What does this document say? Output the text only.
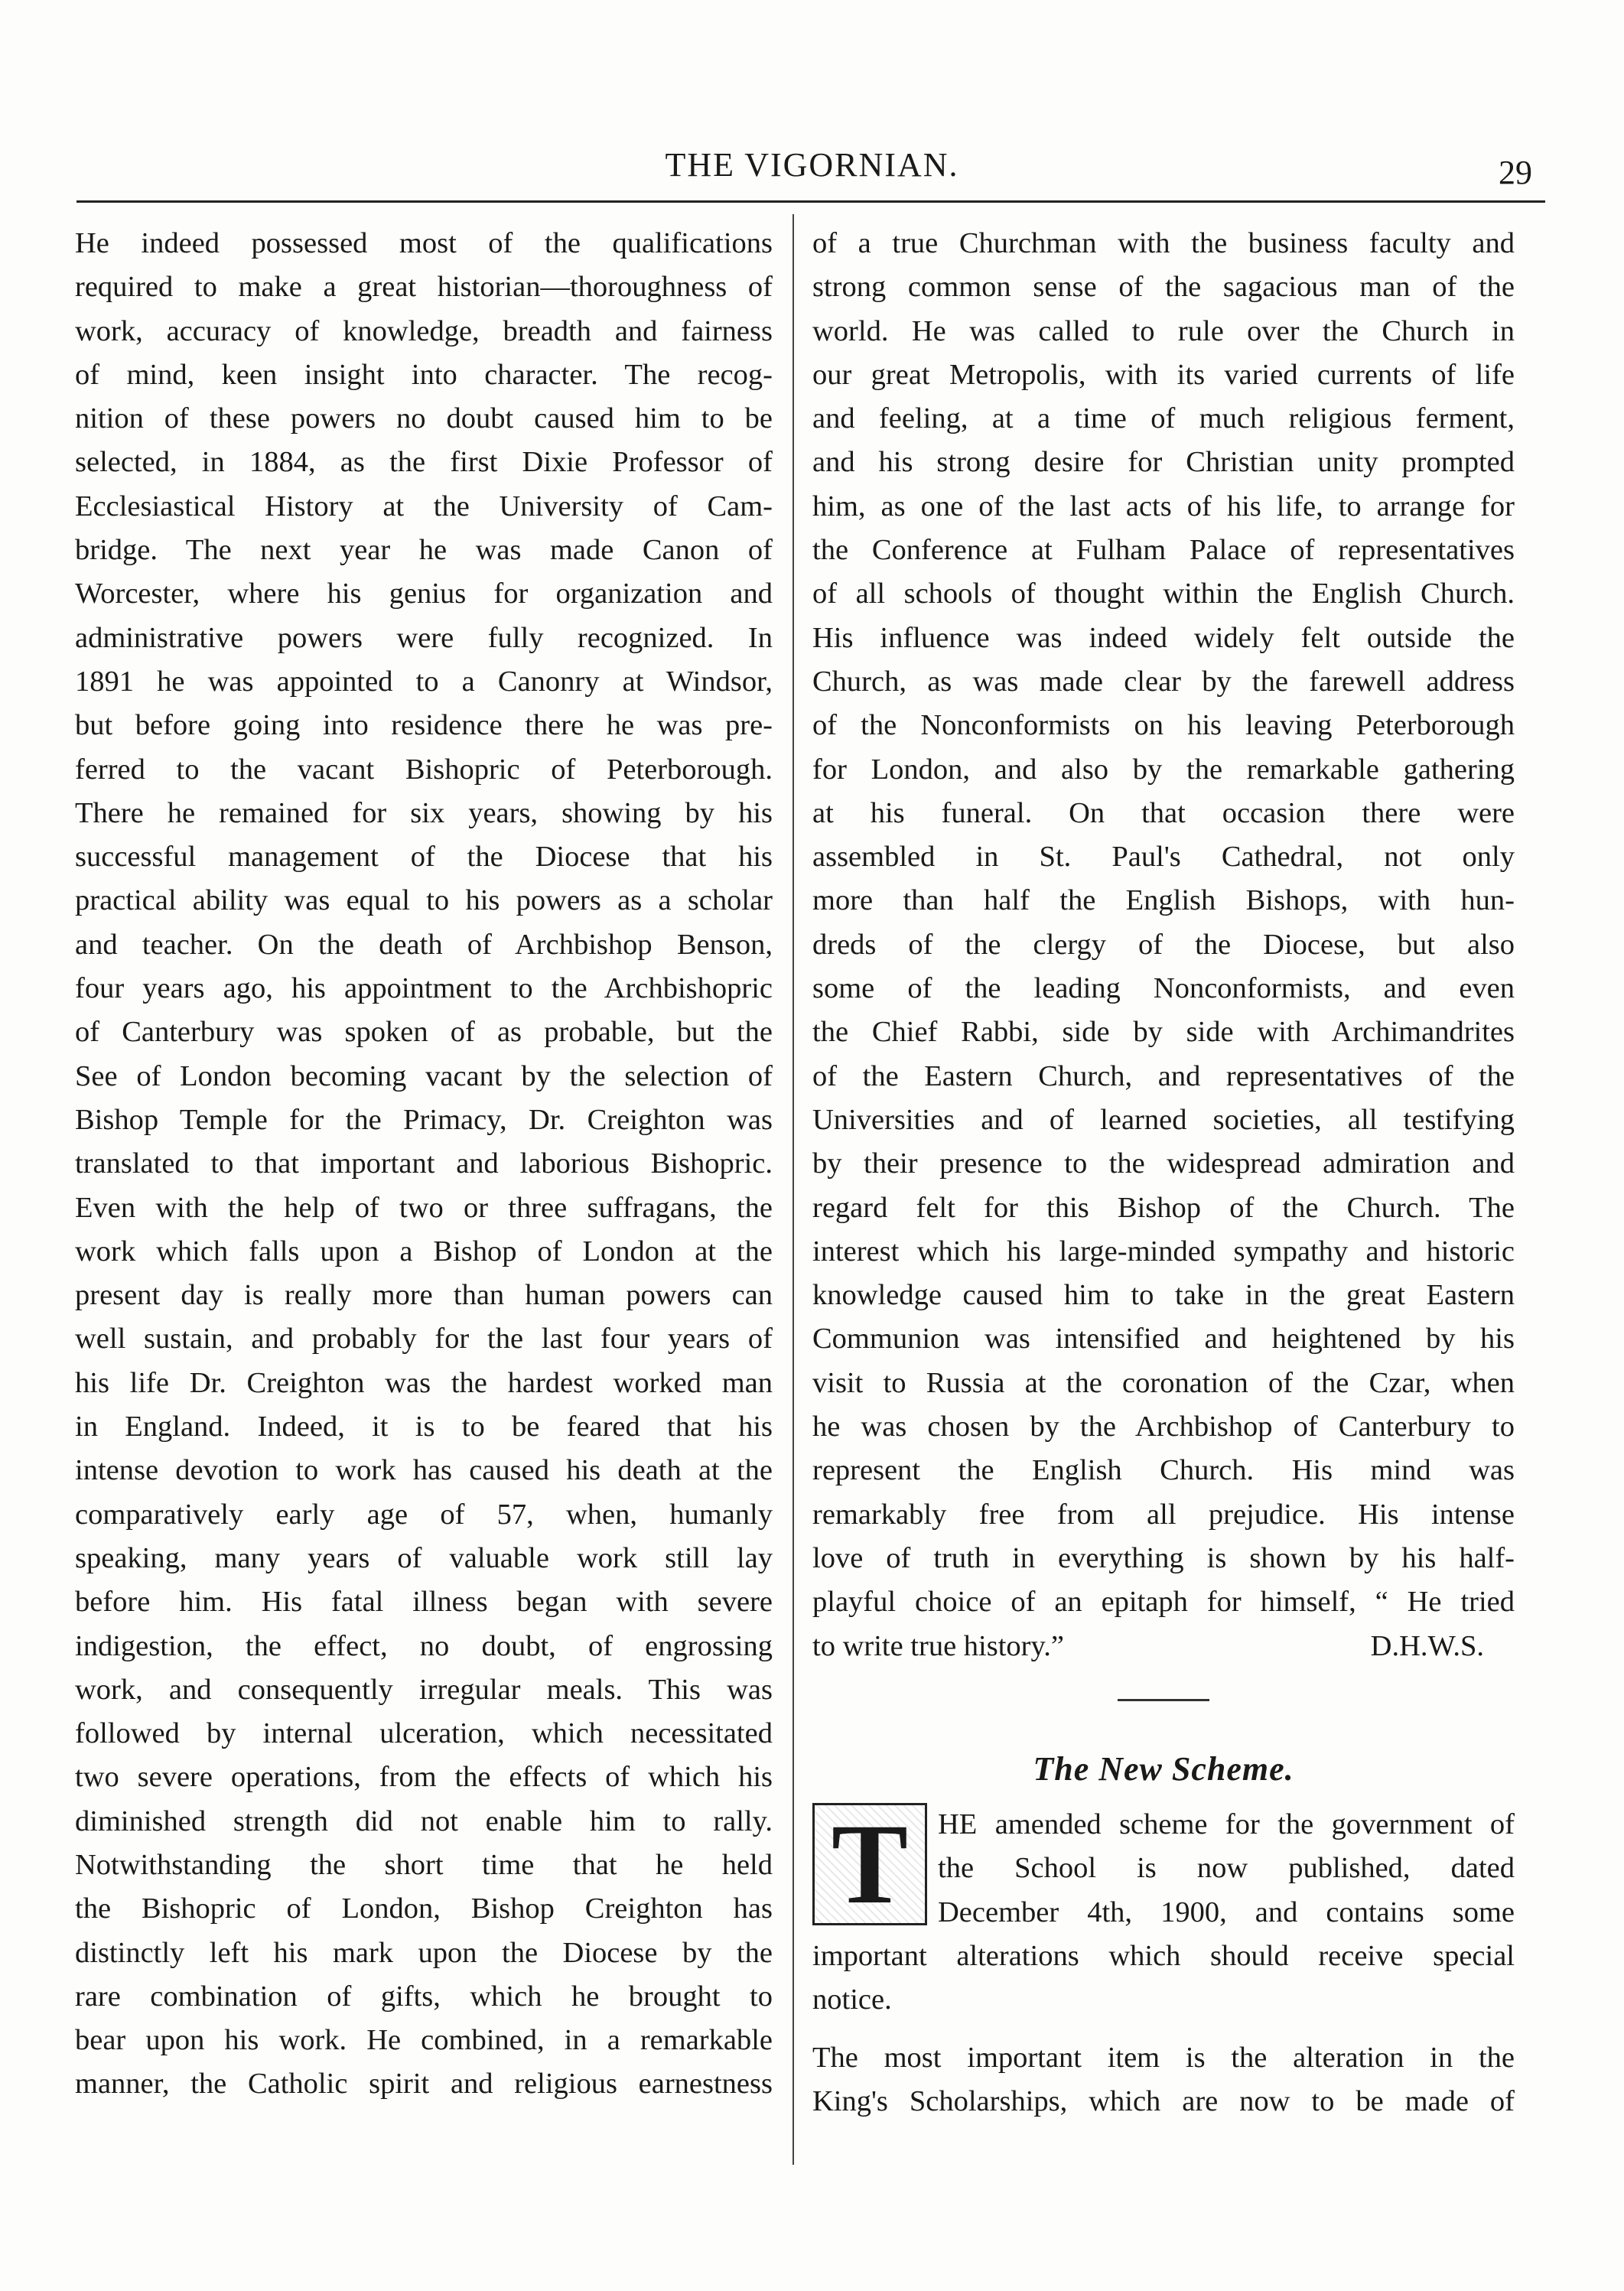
THE VIGORNIAN.	29
He indeed possessed most of the qualifications
required to make a great historian—thoroughness of
work, accuracy of knowledge, breadth and fairness
of mind, keen insight into character. The recog-
nition of these powers no doubt caused him to be
selected, in 1884, as the first Dixie Professor of
Ecclesiastical History at the University of Cam-
bridge. The next year he was made Canon of
Worcester, where his genius for organization and
administrative powers were fully recognized. In
1891 he was appointed to a Canonry at Windsor,
but before going into residence there he was pre-
ferred to the vacant Bishopric of Peterborough.
There he remained for six years, showing by his
successful management of the Diocese that his
practical ability was equal to his powers as a scholar
and teacher. On the death of Archbishop Benson,
four years ago, his appointment to the Archbishopric
of Canterbury was spoken of as probable, but the
See of London becoming vacant by the selection of
Bishop Temple for the Primacy, Dr. Creighton was
translated to that important and laborious Bishopric.
Even with the help of two or three suffragans, the
work which falls upon a Bishop of London at the
present day is really more than human powers can
well sustain, and probably for the last four years of
his life Dr. Creighton was the hardest worked man
in England. Indeed, it is to be feared that his
intense devotion to work has caused his death at the
comparatively early age of 57, when, humanly
speaking, many years of valuable work still lay
before him. His fatal illness began with severe
indigestion, the effect, no doubt, of engrossing
work, and consequently irregular meals. This was
followed by internal ulceration, which necessitated
two severe operations, from the effects of which his
diminished strength did not enable him to rally.
Notwithstanding the short time that he held
the Bishopric of London, Bishop Creighton has
distinctly left his mark upon the Diocese by the
rare combination of gifts, which he brought to
bear upon his work. He combined, in a remarkable
manner, the Catholic spirit and religious earnestness
of a true Churchman with the business faculty and
strong common sense of the sagacious man of the
world. He was called to rule over the Church in
our great Metropolis, with its varied currents of life
and feeling, at a time of much religious ferment,
and his strong desire for Christian unity prompted
him, as one of the last acts of his life, to arrange for
the Conference at Fulham Palace of representatives
of all schools of thought within the English Church.
His influence was indeed widely felt outside the
Church, as was made clear by the farewell address
of the Nonconformists on his leaving Peterborough
for London, and also by the remarkable gathering
at his funeral. On that occasion there were
assembled in St. Paul's Cathedral, not only
more than half the English Bishops, with hun-
dreds of the clergy of the Diocese, but also
some of the leading Nonconformists, and even
the Chief Rabbi, side by side with Archimandrites
of the Eastern Church, and representatives of the
Universities and of learned societies, all testifying
by their presence to the widespread admiration and
regard felt for this Bishop of the Church. The
interest which his large-minded sympathy and historic
knowledge caused him to take in the great Eastern
Communion was intensified and heightened by his
visit to Russia at the coronation of the Czar, when
he was chosen by the Archbishop of Canterbury to
represent the English Church. His mind was
remarkably free from all prejudice. His intense
love of truth in everything is shown by his half-
playful choice of an epitaph for himself, “ He tried
to write true history.”	D.H.W.S.
The New Scheme.
T HE amended scheme for the government of
the School is now published, dated
December 4th, 1900, and contains some
important alterations which should receive special
notice.
The most important item is the alteration in the
King's Scholarships, which are now to be made of
